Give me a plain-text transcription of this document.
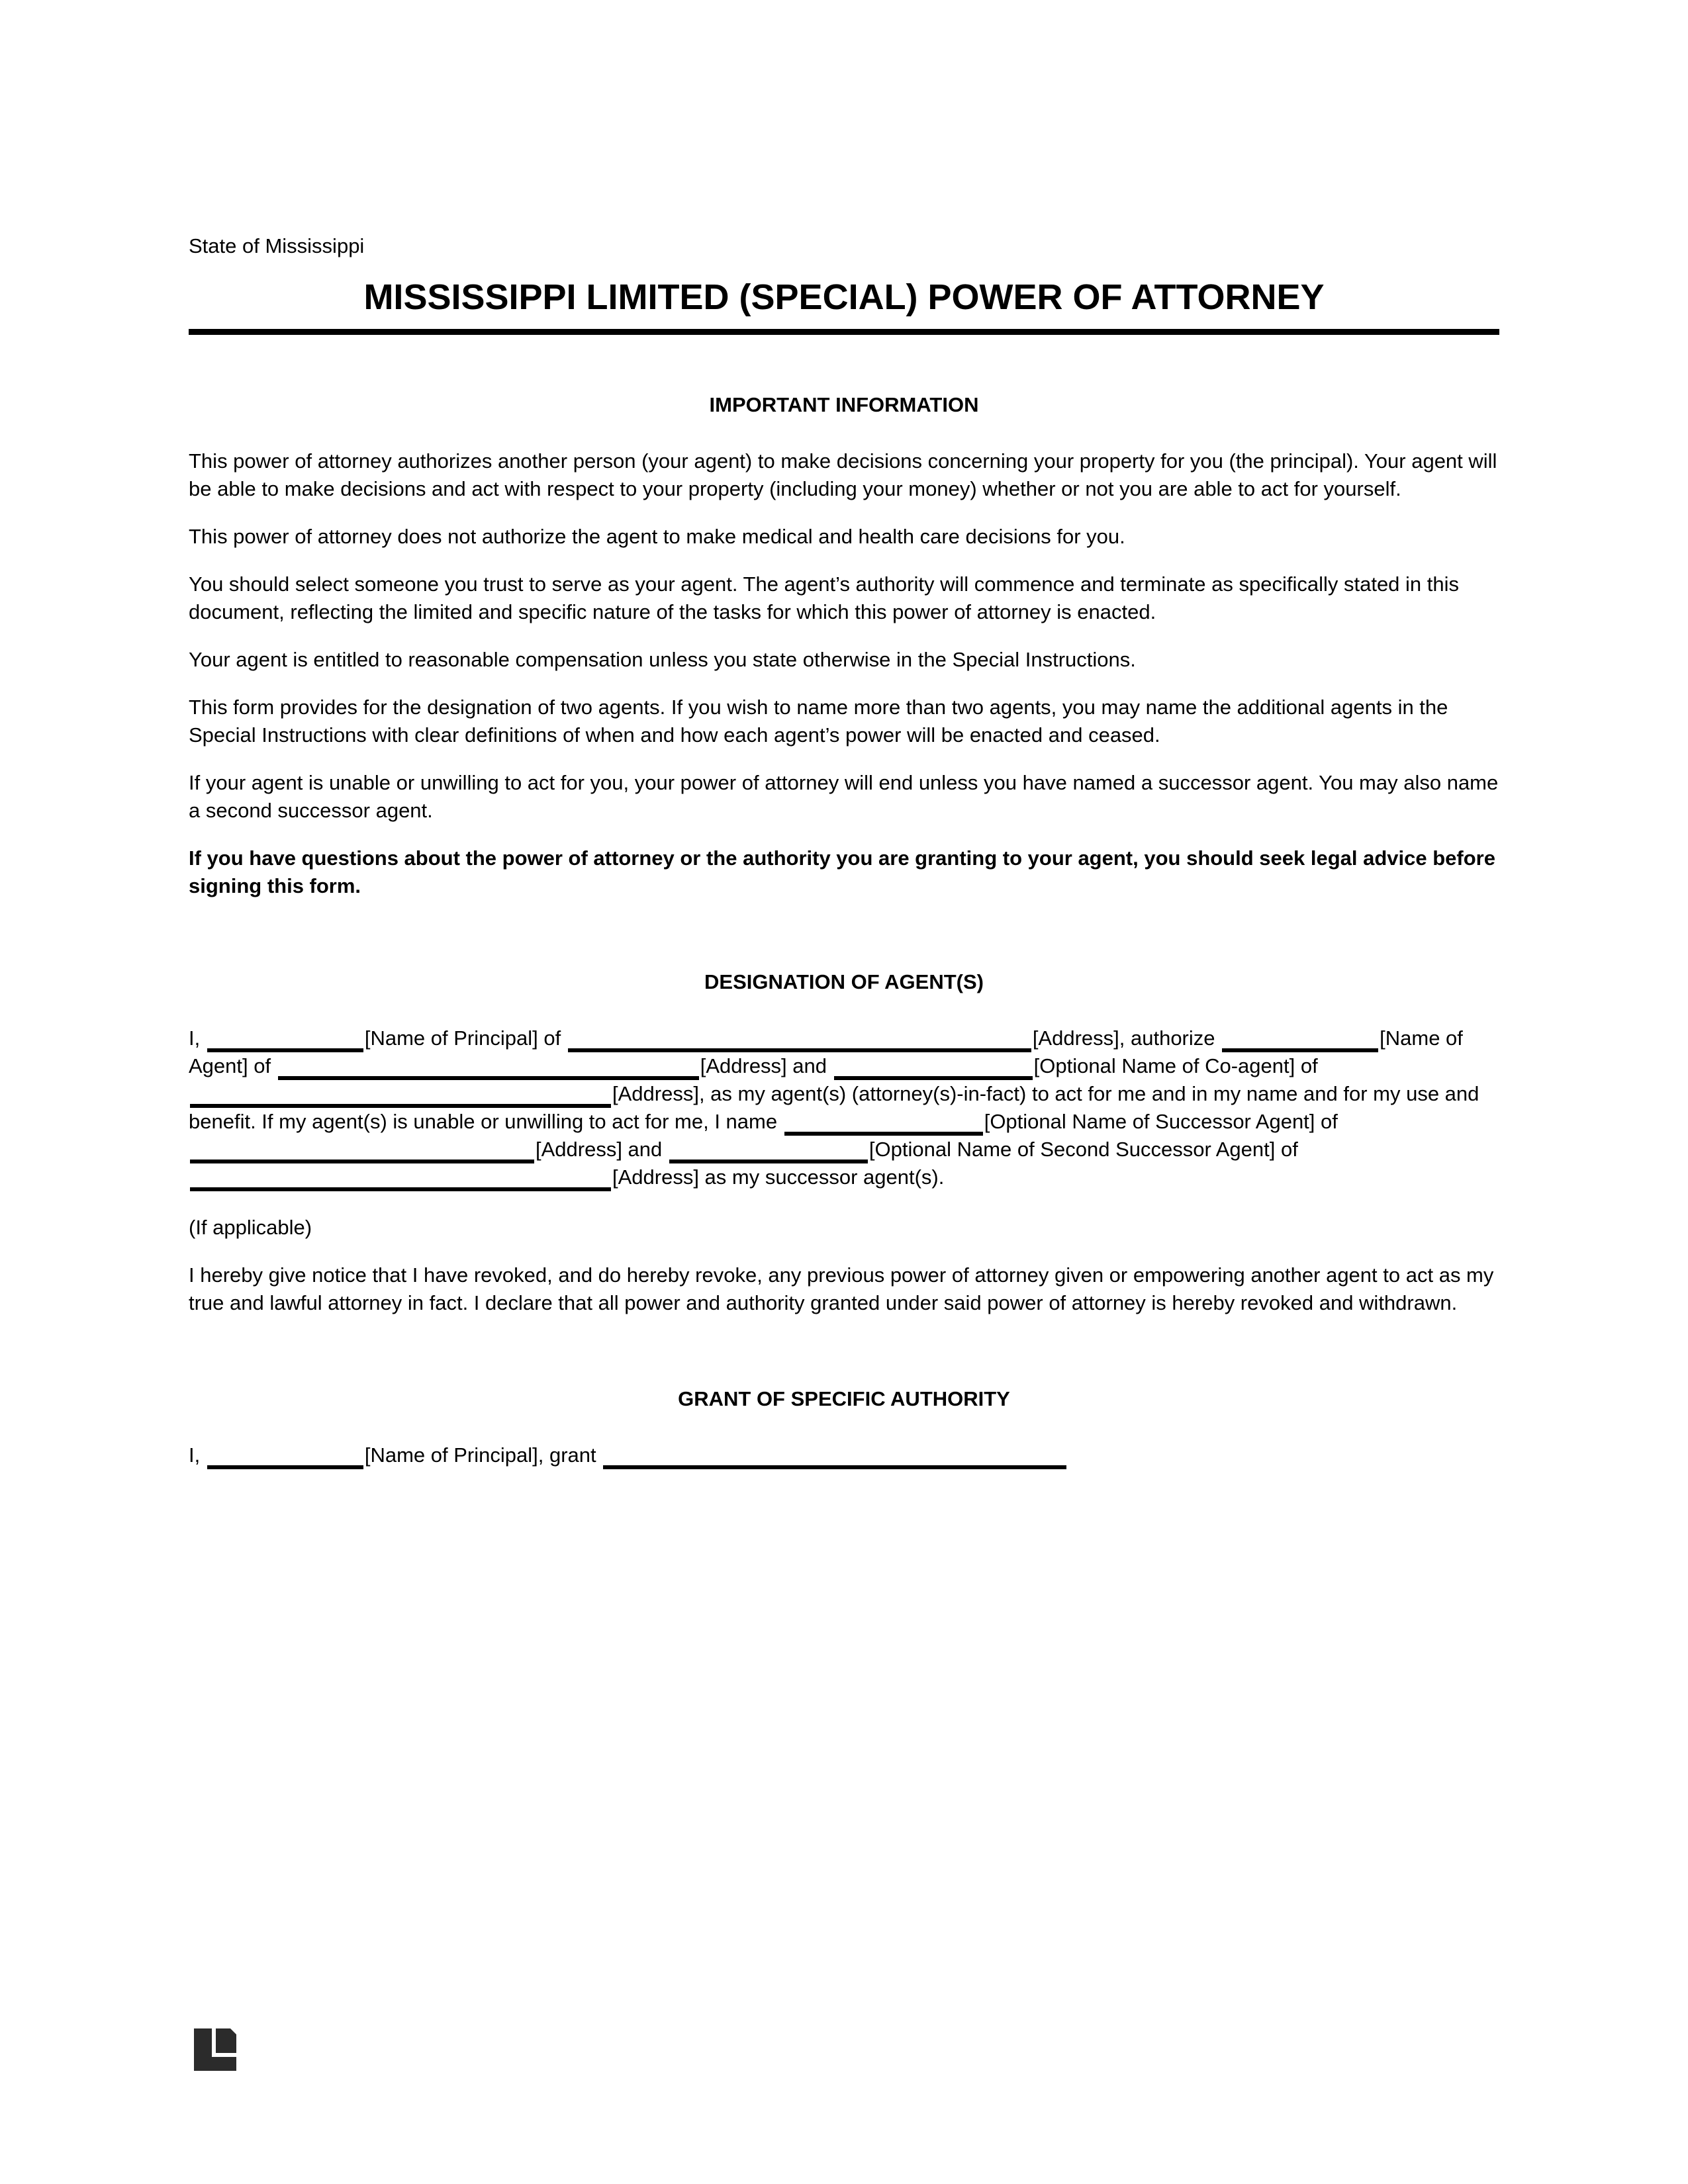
State of Mississippi
MISSISSIPPI LIMITED (SPECIAL) POWER OF ATTORNEY
IMPORTANT INFORMATION

This power of attorney authorizes another person (your agent) to make decisions concerning your property for you (the principal). Your agent will be able to make decisions and act with respect to your property (including your money) whether or not you are able to act for yourself.

This power of attorney does not authorize the agent to make medical and health care decisions for you.

You should select someone you trust to serve as your agent. The agent’s authority will commence and terminate as specifically stated in this document, reflecting the limited and specific nature of the tasks for which this power of attorney is enacted.

Your agent is entitled to reasonable compensation unless you state otherwise in the Special Instructions.

This form provides for the designation of two agents. If you wish to name more than two agents, you may name the additional agents in the Special Instructions with clear definitions of when and how each agent’s power will be enacted and ceased.

If your agent is unable or unwilling to act for you, your power of attorney will end unless you have named a successor agent. You may also name a second successor agent.

If you have questions about the power of attorney or the authority you are granting to your agent, you should seek legal advice before signing this form.

DESIGNATION OF AGENT(S)
I,	[Name of Principal] of	[Address], authorize	[Name of Agent] of	[Address] and	[Optional Name of Co-agent] of [Address], as my agent(s) (attorney(s)-in-fact) to act for me and in my name and for my use and benefit. If my agent(s) is unable or unwilling to act for me, I name	[Optional Name of Successor Agent] of [Address] and	[Optional Name of Second Successor Agent] of [Address] as my successor agent(s).

(If applicable)

I hereby give notice that I have revoked, and do hereby revoke, any previous power of attorney given or empowering another agent to act as my true and lawful attorney in fact. I declare that all power and authority granted under said power of attorney is hereby revoked and withdrawn.

GRANT OF SPECIFIC AUTHORITY
I,	[Name of Principal], grant
